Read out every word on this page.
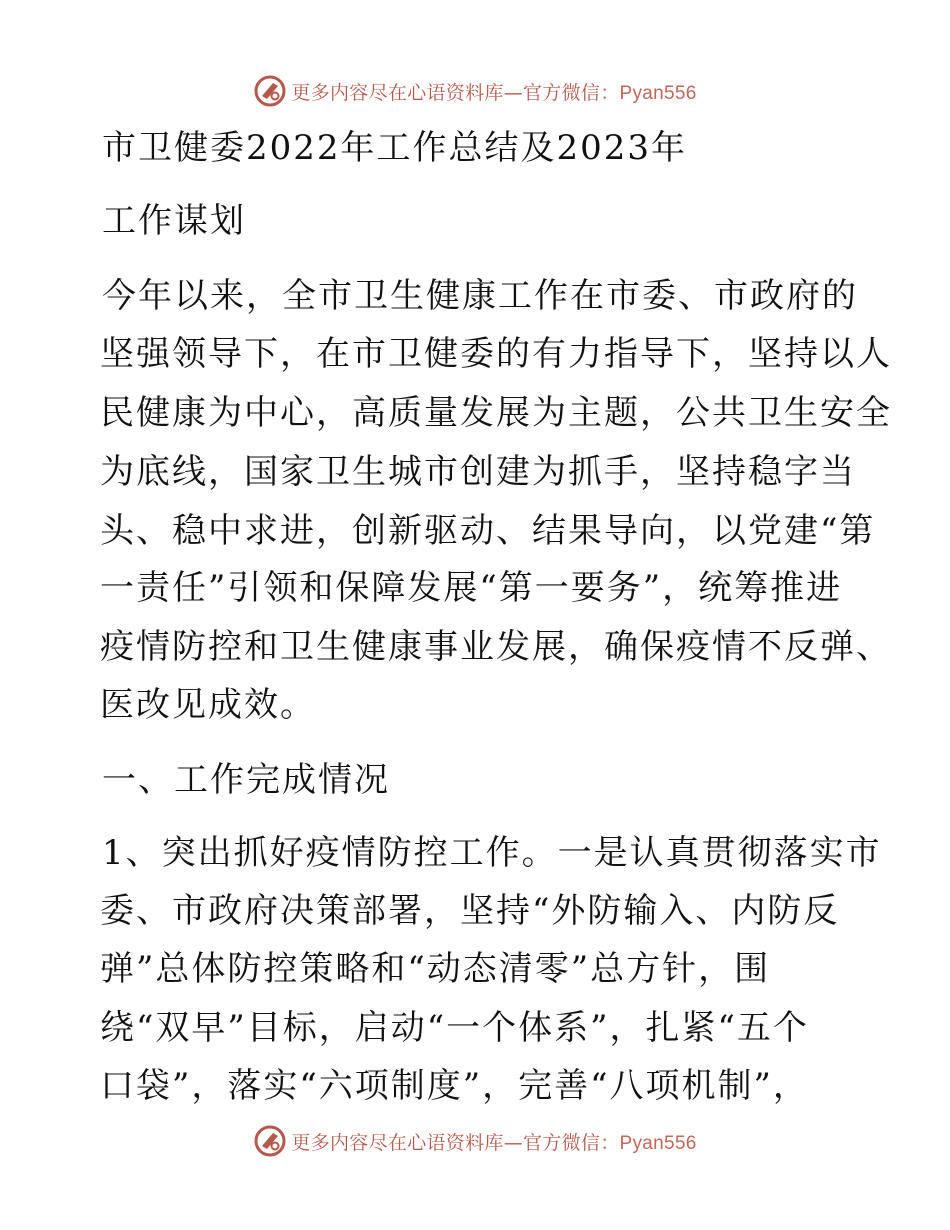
更多内容尽在心语资料库—官方微信：Pyan556
市卫健委2022年工作总结及2023年
工作谋划
今年以来，全市卫生健康工作在市委、市政府的
坚强领导下，在市卫健委的有力指导下，坚持以人
民健康为中心，高质量发展为主题，公共卫生安全
为底线，国家卫生城市创建为抓手，坚持稳字当
头、稳中求进，创新驱动、结果导向，以党建“第
一责任”引领和保障发展“第一要务”，统筹推进
疫情防控和卫生健康事业发展，确保疫情不反弹、
医改见成效。
一、工作完成情况
1、突出抓好疫情防控工作。一是认真贯彻落实市
委、市政府决策部署，坚持“外防输入、内防反
弹”总体防控策略和“动态清零”总方针，围
绕“双早”目标，启动“一个体系”，扎紧“五个
口袋”，落实“六项制度”，完善“八项机制”，
更多内容尽在心语资料库—官方微信：Pyan556
